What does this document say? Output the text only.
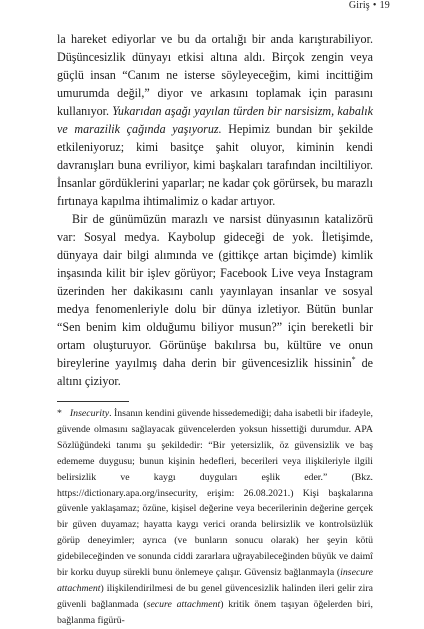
Giriş • 19

la hareket ediyorlar ve bu da ortalığı bir anda karıştırabiliyor. Düşüncesizlik dünyayı etkisi altına aldı. Birçok zengin veya güçlü insan “Canım ne isterse söyleyeceğim, kimi incittiğim umurumda değil,” diyor ve arkasını toplamak için parasını kullanıyor. Yukarıdan aşağı yayılan türden bir narsisizm, kabalık ve marazilik çağında yaşıyoruz. Hepimiz bundan bir şekilde etkileniyoruz; kimi basitçe şahit oluyor, kiminin kendi davranışları buna evriliyor, kimi başkaları tarafından inciltiliyor. İnsanlar gördüklerini yaparlar; ne kadar çok görürsek, bu marazlı fırtınaya kapılma ihtimalimiz o kadar artıyor.

Bir de günümüzün marazlı ve narsist dünyasının katalizörü var: Sosyal medya. Kaybolup gideceği de yok. İletişimde, dünyaya dair bilgi alımında ve (gittikçe artan biçimde) kimlik inşasında kilit bir işlev görüyor; Facebook Live veya Instagram üzerinden her dakikasını canlı yayınlayan insanlar ve sosyal medya fenomenleriyle dolu bir dünya izletiyor. Bütün bunlar “Sen benim kim olduğumu biliyor musun?” için bereketli bir ortam oluşturuyor. Görünüşe bakılırsa bu, kültüre ve onun bireylerine yayılmış daha derin bir güvencesizlik hissinin* de altını çiziyor.

* Insecurity. İnsanın kendini güvende hissedemediği; daha isabetli bir ifadeyle, güvende olmasını sağlayacak güvencelerden yoksun hissettiği durumdur. APA Sözlüğündeki tanımı şu şekildedir: “Bir yetersizlik, öz güvensizlik ve baş edememe duygusu; bunun kişinin hedefleri, becerileri veya ilişkileriyle ilgili belirsizlik ve kaygı duyguları eşlik eder.” (Bkz. https://dictionary.apa.org/insecurity, erişim: 26.08.2021.) Kişi başkalarına güvenle yaklaşamaz; özüne, kişisel değerine veya becerilerinin değerine gerçek bir güven duyamaz; hayatta kaygı verici oranda belirsizlik ve kontrolsüzlük görüp deneyimler; ayrıca (ve bunların sonucu olarak) her şeyin kötü gidebileceğinden ve sonunda ciddi zararlara uğrayabileceğinden büyük ve daimî bir korku duyup sürekli bunu önlemeye çalışır. Güvensiz bağlanmayla (insecure attachment) ilişkilendirilmesi de bu genel güvencesizlik halinden ileri gelir zira güvenli bağlanmada (secure attachment) kritik önem taşıyan öğelerden biri, bağlanma figürü-
